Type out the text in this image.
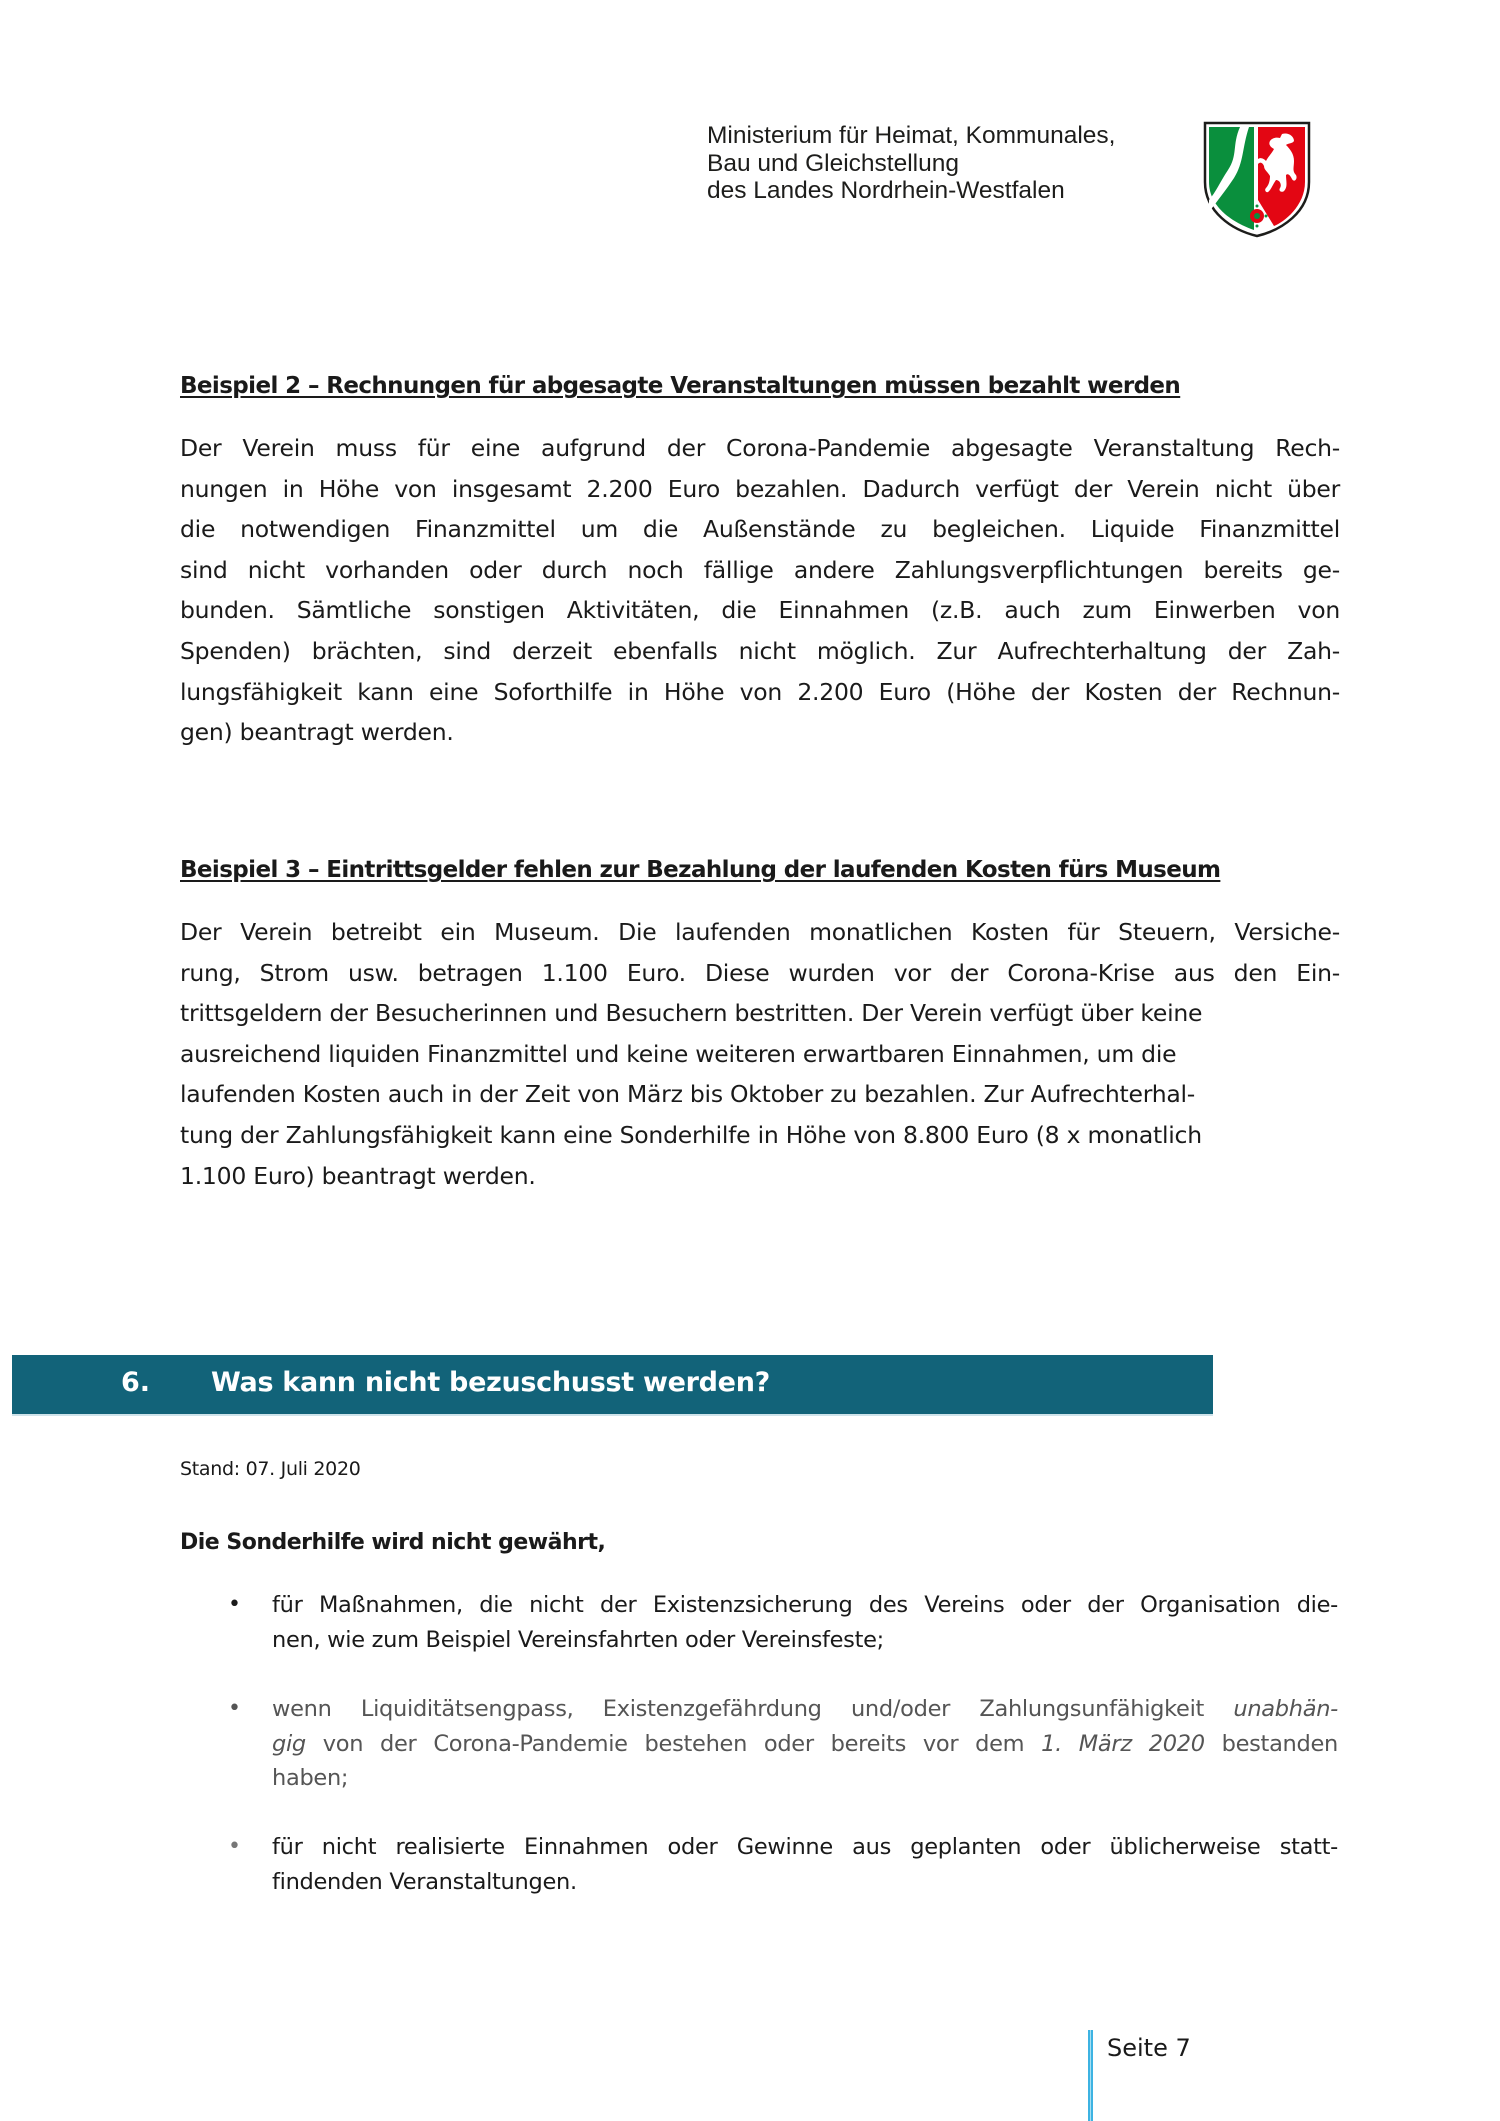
Ministerium für Heimat, Kommunales,
Bau und Gleichstellung
des Landes Nordrhein-Westfalen
Beispiel 2 – Rechnungen für abgesagte Veranstaltungen müssen bezahlt werden
Der Verein muss für eine aufgrund der Corona-Pandemie abgesagte Veranstaltung Rech-
nungen in Höhe von insgesamt 2.200 Euro bezahlen. Dadurch verfügt der Verein nicht über
die notwendigen Finanzmittel um die Außenstände zu begleichen. Liquide Finanzmittel
sind nicht vorhanden oder durch noch fällige andere Zahlungsverpflichtungen bereits ge-
bunden. Sämtliche sonstigen Aktivitäten, die Einnahmen (z.B. auch zum Einwerben von
Spenden) brächten, sind derzeit ebenfalls nicht möglich. Zur Aufrechterhaltung der Zah-
lungsfähigkeit kann eine Soforthilfe in Höhe von 2.200 Euro (Höhe der Kosten der Rechnun-
gen) beantragt werden.
Beispiel 3 – Eintrittsgelder fehlen zur Bezahlung der laufenden Kosten fürs Museum
Der Verein betreibt ein Museum. Die laufenden monatlichen Kosten für Steuern, Versiche-
rung, Strom usw. betragen 1.100 Euro. Diese wurden vor der Corona-Krise aus den Ein-
trittsgeldern der Besucherinnen und Besuchern bestritten. Der Verein verfügt über keine
ausreichend liquiden Finanzmittel und keine weiteren erwartbaren Einnahmen, um die
laufenden Kosten auch in der Zeit von März bis Oktober zu bezahlen. Zur Aufrechterhal-
tung der Zahlungsfähigkeit kann eine Sonderhilfe in Höhe von 8.800 Euro (8 x monatlich
1.100 Euro) beantragt werden.
6. Was kann nicht bezuschusst werden?
Stand: 07. Juli 2020
Die Sonderhilfe wird nicht gewährt,
• für Maßnahmen, die nicht der Existenzsicherung des Vereins oder der Organisation die-
nen, wie zum Beispiel Vereinsfahrten oder Vereinsfeste;
• wenn Liquiditätsengpass, Existenzgefährdung und/oder Zahlungsunfähigkeit unabhän-
gig von der Corona-Pandemie bestehen oder bereits vor dem 1. März 2020 bestanden
haben;
• für nicht realisierte Einnahmen oder Gewinne aus geplanten oder üblicherweise statt-
findenden Veranstaltungen.
Seite 7
